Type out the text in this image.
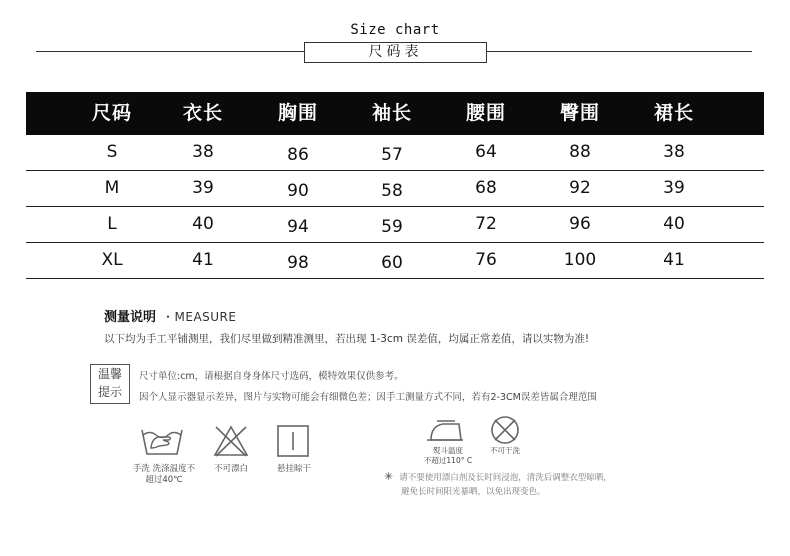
Size chart
尺码表
尺码	衣长	胸围	袖长	腰围	臀围	裙长
S	38	86	57	64	88	38
M	39	90	58	68	92	39
L	40	94	59	72	96	40
XL	41	98	60	76	100	41
测量说明 ・MEASURE
以下均为手工平铺测里，我们尽里做到精准测里，若出现 1-3cm 误差值，均属正常差值，请以实物为准!
温馨
提示
尺寸单位:cm，请根据自身身体尺寸选码，模特效果仅供参考。
因个人显示器显示差异，图片与实物可能会有细微色差；因手工测量方式不同，若有2-3CM误差皆属合理范围
手洗 洗涤温度不
超过40℃
不可漂白	悬挂晾干
熨斗温度
不超过110° C
不可干洗
✳ 请不要使用漂白剂及长时间浸泡，清洗后调整衣型晾晒，
避免长时间阳光暴晒，以免出现变色。
